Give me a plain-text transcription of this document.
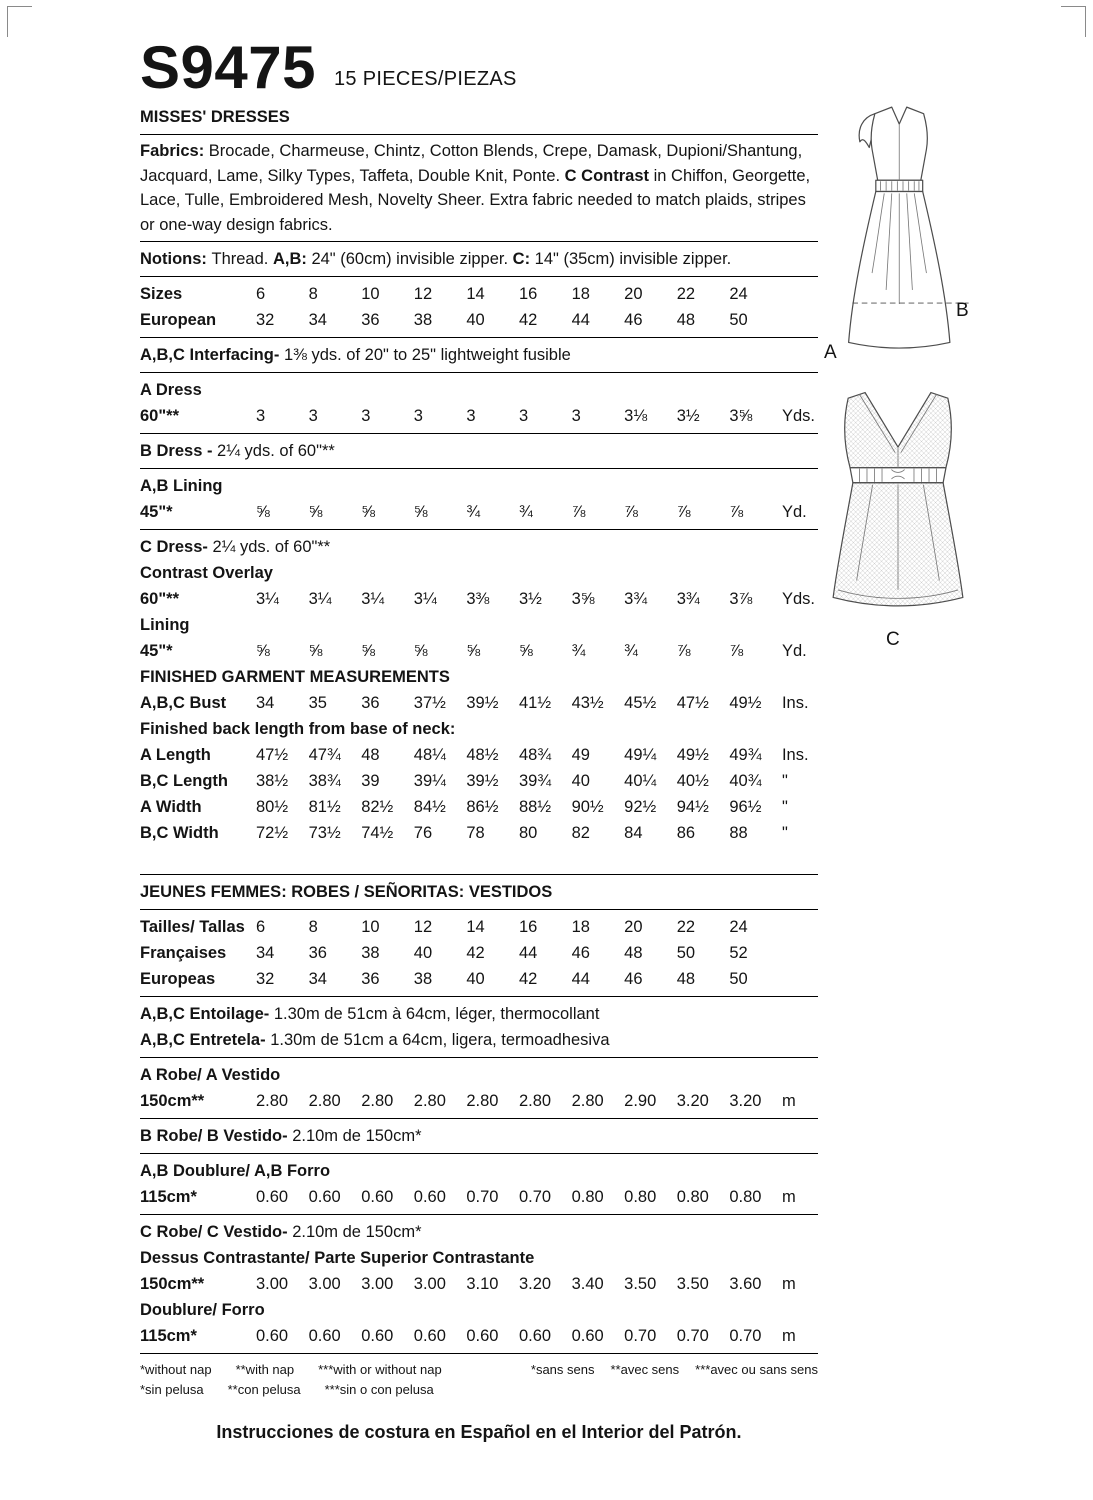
S9475 15 PIECES/PIEZAS
MISSES' DRESSES

Fabrics: Brocade, Charmeuse, Chintz, Cotton Blends, Crepe, Damask, Dupioni/Shantung, Jacquard, Lame, Silky Types, Taffeta, Double Knit, Ponte. C Contrast in Chiffon, Georgette, Lace, Tulle, Embroidered Mesh, Novelty Sheer. Extra fabric needed to match plaids, stripes or one-way design fabrics.

Notions: Thread. A,B: 24" (60cm) invisible zipper. C: 14" (35cm) invisible zipper.

Sizes	6	8	10	12	14	16	18	20	22	24
European	32	34	36	38	40	42	44	46	48	50

A,B,C Interfacing- 1⅜ yds. of 20" to 25" lightweight fusible

A Dress
60"**	3	3	3	3	3	3	3	3⅛	3½	3⅝	Yds.

B Dress - 2¼ yds. of 60"**

A,B Lining
45"*	⅝	⅝	⅝	⅝	¾	¾	⅞	⅞	⅞	⅞	Yd.

C Dress- 2¼ yds. of 60"**

Contrast Overlay
60"**	3¼	3¼	3¼	3¼	3⅜	3½	3⅝	3¾	3¾	3⅞	Yds.
Lining
45"*	⅝	⅝	⅝	⅝	⅝	⅝	¾	¾	⅞	⅞	Yd.
FINISHED GARMENT MEASUREMENTS
A,B,C Bust	34	35	36	37½	39½	41½	43½	45½	47½	49½	Ins.
Finished back length from base of neck:
A Length	47½	47¾	48	48¼	48½	48¾	49	49¼	49½	49¾	Ins.
B,C Length	38½	38¾	39	39¼	39½	39¾	40	40¼	40½	40¾	"
A Width	80½	81½	82½	84½	86½	88½	90½	92½	94½	96½	"
B,C Width	72½	73½	74½	76	78	80	82	84	86	88	"
JEUNES FEMMES: ROBES / SEÑORITAS: VESTIDOS
Tailles/ Tallas 6	8	10	12	14	16	18	20	22	24
Françaises	34	36	38	40	42	44	46	48	50	52
Europeas	32	34	36	38	40	42	44	46	48	50

A,B,C Entoilage- 1.30m de 51cm à 64cm, léger, thermocollant

A,B,C Entretela- 1.30m de 51cm a 64cm, ligera, termoadhesiva

A Robe/ A Vestido
150cm**	2.80	2.80	2.80	2.80	2.80	2.80	2.80	2.90	3.20	3.20	m

B Robe/ B Vestido- 2.10m de 150cm*

A,B Doublure/ A,B Forro
115cm*	0.60	0.60	0.60	0.60	0.70	0.70	0.80	0.80	0.80	0.80	m

C Robe/ C Vestido- 2.10m de 150cm*

Dessus Contrastante/ Parte Superior Contrastante
150cm**	3.00	3.00	3.00	3.00	3.10	3.20	3.40	3.50	3.50	3.60	m
Doublure/ Forro
115cm*	0.60	0.60	0.60	0.60	0.60	0.60	0.60	0.70	0.70	0.70	m
*without nap **with nap ***with or without nap	*sans sens **avec sens ***avec ou sans sens
*sin pelusa **con pelusa ***sin o con pelusa
Instrucciones de costura en Español en el Interior del Patrón.
A
B
C
